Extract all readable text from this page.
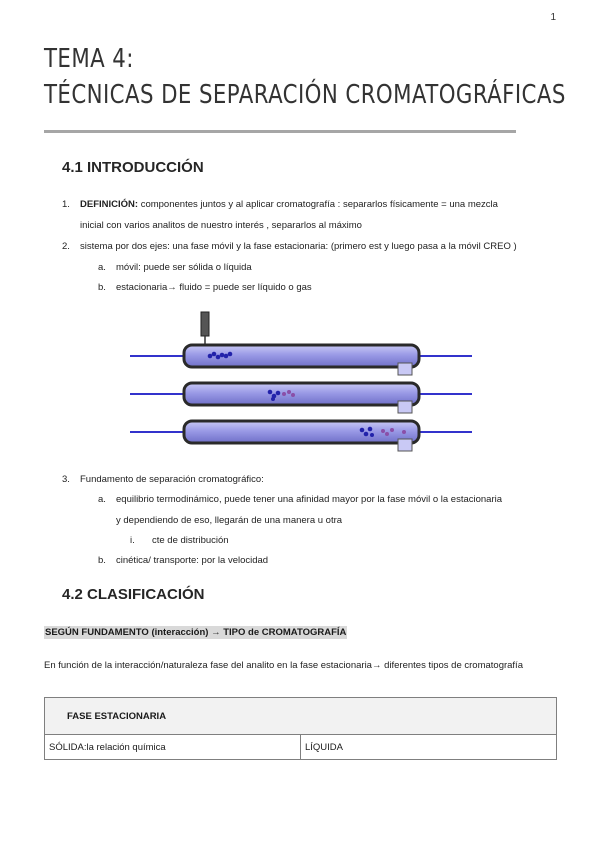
1
TEMA 4:
TÉCNICAS DE SEPARACIÓN CROMATOGRÁFICAS
4.1 INTRODUCCIÓN
1. DEFINICIÓN: componentes juntos y al aplicar cromatografía : separarlos físicamente = una mezcla
inicial con varios analitos de nuestro interés , separarlos al máximo
2. sistema por dos ejes: una fase móvil y la fase estacionaria: (primero est y luego pasa a la móvil CREO )
a. móvil: puede ser sólida o líquida
b. estacionaria→ fluido = puede ser líquido o gas
3. Fundamento de separación cromatográfico:
a. equilibrio termodinámico, puede tener una afinidad mayor por la fase móvil o la estacionaria
y dependiendo de eso, llegarán de una manera u otra
i. cte de distribución
b. cinética/ transporte: por la velocidad
4.2 CLASIFICACIÓN
SEGÚN FUNDAMENTO (interacción) → TIPO de CROMATOGRAFÍA
En función de la interacción/naturaleza fase del analito en la fase estacionaria→ diferentes tipos de cromatografía
FASE ESTACIONARIA
SÓLIDA:la relación química	LÍQUIDA
